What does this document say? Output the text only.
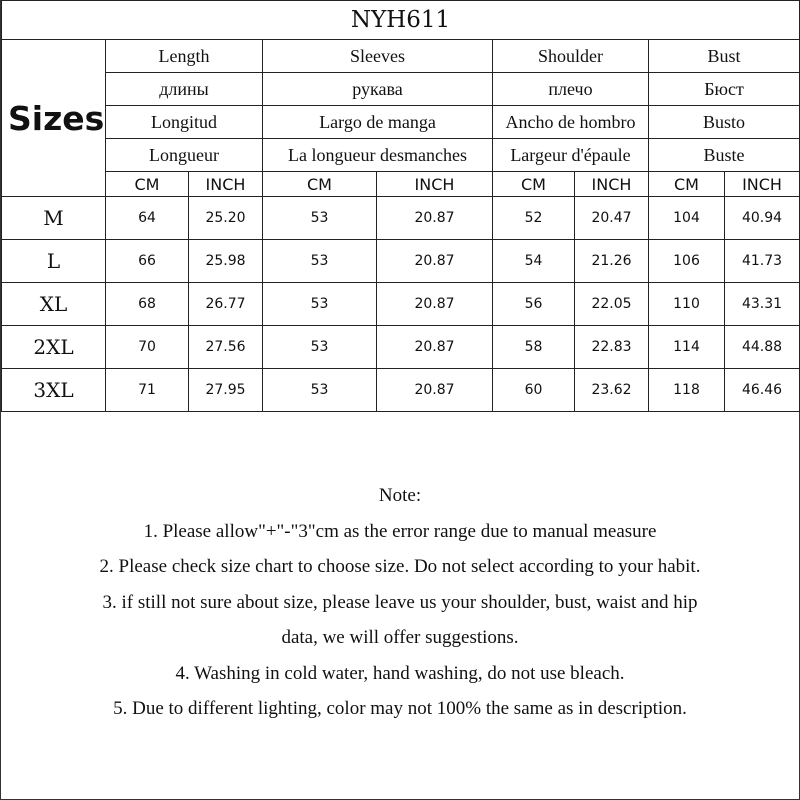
NYH611								
Sizes	Length		Sleeves		Shoulder		Bust	
	длины		рукава		плечо		Бюст	
	Longitud		Largo de manga		Ancho de hombro		Busto	
	Longueur		La longueur desmanches		Largeur d'épaule		Buste	
	CM	INCH	CM	INCH	CM	INCH	CM	INCH
M	64	25.20	53	20.87	52	20.47	104	40.94
L	66	25.98	53	20.87	54	21.26	106	41.73
XL	68	26.77	53	20.87	56	22.05	110	43.31
2XL	70	27.56	53	20.87	58	22.83	114	44.88
3XL	71	27.95	53	20.87	60	23.62	118	46.46
Note:
1. Please allow"+"-"3"cm as the error range due to manual measure
2. Please check size chart to choose size. Do not select according to your habit.
3. if still not sure about size, please leave us your shoulder, bust, waist and hip
data, we will offer suggestions.
4. Washing in cold water, hand washing, do not use bleach.
5. Due to different lighting, color may not 100% the same as in description.
